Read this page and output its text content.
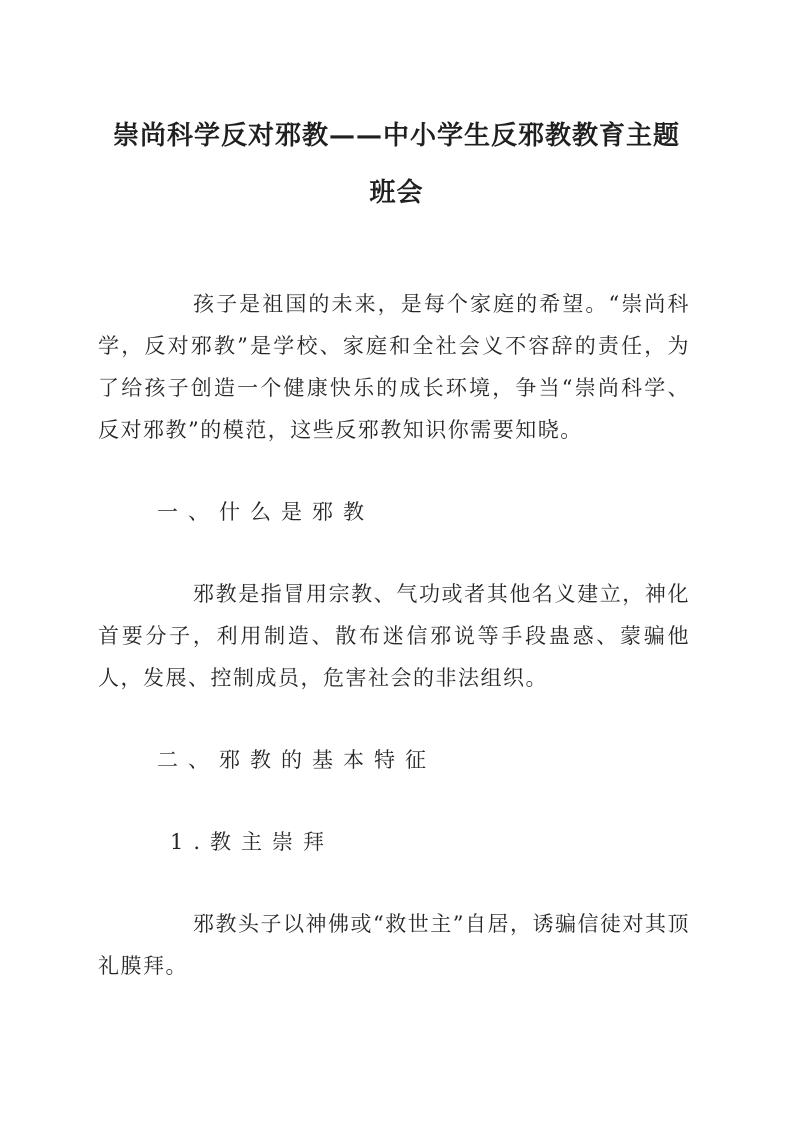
崇尚科学反对邪教——中小学生反邪教教育主题班会

孩子是祖国的未来，是每个家庭的希望。“崇尚科学，反对邪教”是学校、家庭和全社会义不容辞的责任，为了给孩子创造一个健康快乐的成长环境，争当“崇尚科学、反对邪教”的模范，这些反邪教知识你需要知晓。

一、什么是邪教

邪教是指冒用宗教、气功或者其他名义建立，神化首要分子，利用制造、散布迷信邪说等手段蛊惑、蒙骗他人，发展、控制成员，危害社会的非法组织。

二、邪教的基本特征

1.教主崇拜

邪教头子以神佛或“救世主”自居，诱骗信徒对其顶礼膜拜。
